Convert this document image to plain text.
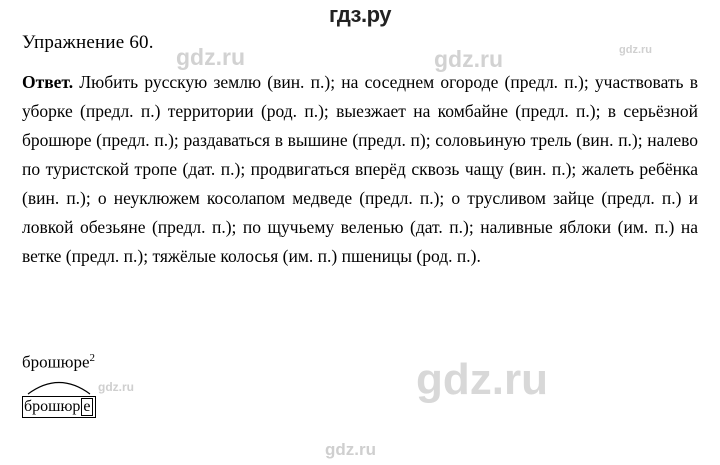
гдз.ру
gdz.ru	gdz.ru	gdz.ru
gdz.ru	gdz.ru
gdz.ru
Упражнение 60.
Ответ. Любить русскую землю (вин. п.); на соседнем огороде (предл. п.); участвовать в уборке (предл. п.) территории (род. п.); выезжает на комбайне (предл. п.); в серьёзной брошюре (предл. п.); раздаваться в вышине (предл. п); соловьиную трель (вин. п.); налево по туристской тропе (дат. п.); продвигаться вперёд сквозь чащу (вин. п.); жалеть ребёнка (вин. п.); о неуклюжем косолапом медведе (предл. п.); о трусливом зайце (предл. п.) и ловкой обезьяне (предл. п.); по щучьему веленью (дат. п.); наливные яблоки (им. п.) на ветке (предл. п.); тяжёлые колосья (им. п.) пшеницы (род. п.).
брошюре$^2$
брошюр е
